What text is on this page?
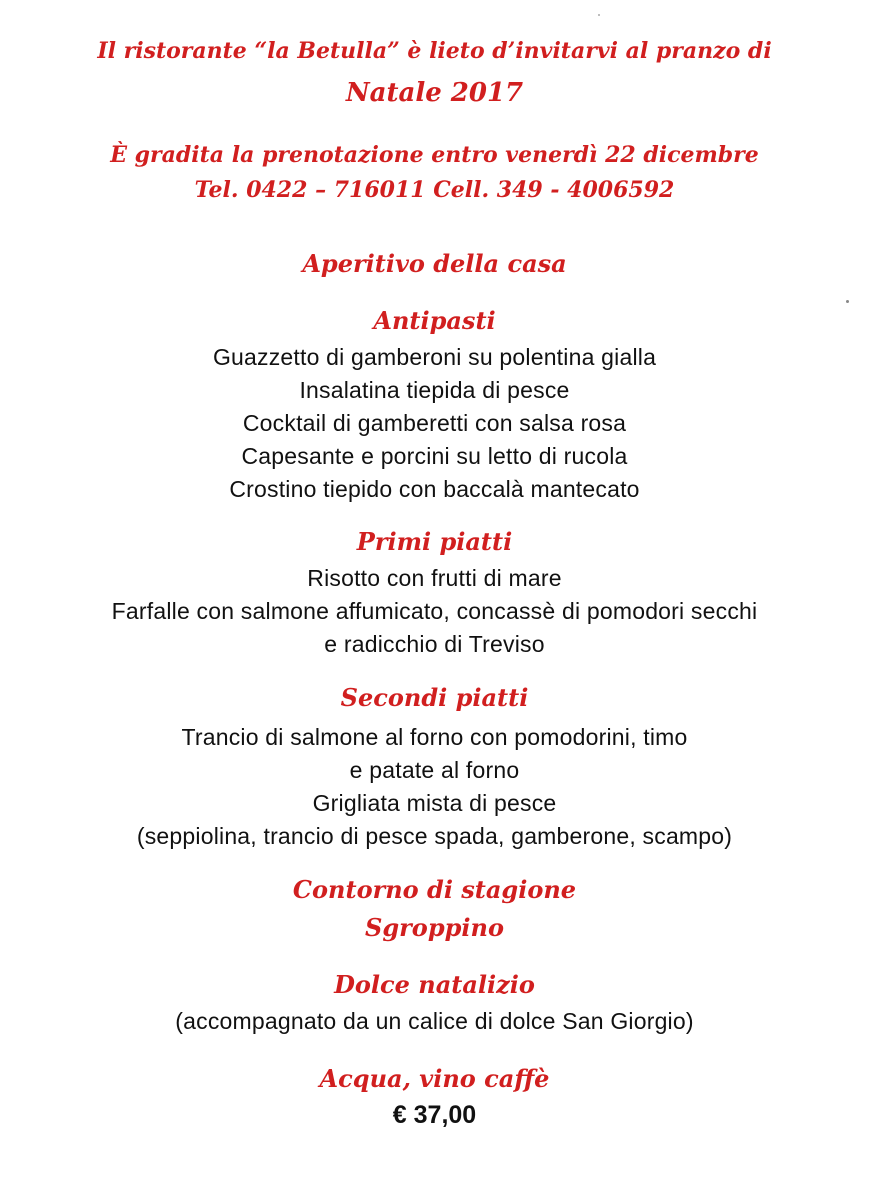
Il ristorante “la Betulla” è lieto d’invitarvi al pranzo di

Natale 2017

È gradita la prenotazione entro venerdì 22 dicembre

Tel. 0422 – 716011 Cell. 349 - 4006592

Aperitivo della casa

Antipasti

Guazzetto di gamberoni su polentina gialla

Insalatina tiepida di pesce

Cocktail di gamberetti con salsa rosa

Capesante e porcini su letto di rucola

Crostino tiepido con baccalà mantecato

Primi piatti

Risotto con frutti di mare

Farfalle con salmone affumicato, concassè di pomodori secchi

e radicchio di Treviso

Secondi piatti

Trancio di salmone al forno con pomodorini, timo

e patate al forno

Grigliata mista di pesce

(seppiolina, trancio di pesce spada, gamberone, scampo)

Contorno di stagione

Sgroppino

Dolce natalizio

(accompagnato da un calice di dolce San Giorgio)

Acqua, vino caffè

€ 37,00
